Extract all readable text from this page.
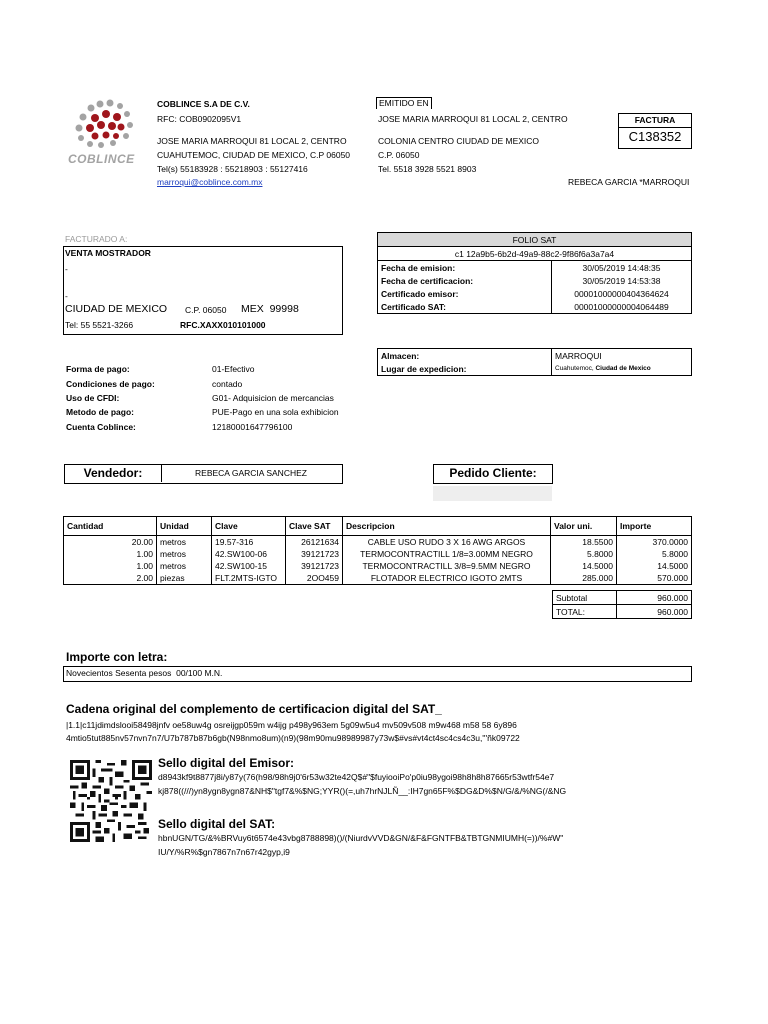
COBLINCE
COBLINCE S.A DE C.V.
RFC: COB0902095V1
JOSE MARIA MARROQUI 81 LOCAL 2, CENTRO
CUAHUTEMOC, CIUDAD DE MEXICO, C.P 06050
Tel(s) 55183928 : 55218903 : 55127416
marroqui@coblince.com.mx
EMITIDO EN
JOSE MARIA MARROQUI 81 LOCAL 2, CENTRO
COLONIA CENTRO CIUDAD DE MEXICO
C.P. 06050
Tel. 5518 3928 5521 8903
FACTURA
C138352
REBECA GARCIA *MARROQUI
FACTURADO A:
VENTA MOSTRADOR
-
-
CIUDAD DE MEXICO C.P. 06050 MEX  99998
Tel: 55 5521-3266	RFC.XAXX010101000
FOLIO SAT	
c1 12a9b5-6b2d-49a9-88c2-9f86f6a3a7a4	
Fecha de emision:	30/05/2019 14:48:35
Fecha de certificacion:	30/05/2019 14:53:38
Certificado emisor:	00001000000404364624
Certificado SAT:	00001000000004064489
Almacen:	MARROQUI
Lugar de expedicion:	Cuahutemoc, Ciudad de Mexico
Forma de pago:	01-Efectivo
Condiciones de pago:	contado
Uso de CFDI:	G01- Adquisicion de mercancias
Metodo de pago:	PUE-Pago en una sola exhibicion
Cuenta Coblince:	12180001647796100
Vendedor:	REBECA GARCIA SANCHEZ	Pedido Cliente:
Cantidad	Unidad	Clave	Clave SAT	Descripcion	Valor uni.	Importe
20.00	metros	19.57-316	26121634	CABLE USO RUDO 3 X 16 AWG ARGOS	18.5500	370.0000
1.00	metros	42.SW100-06	39121723	TERMOCONTRACTILL 1/8=3.00MM NEGRO	5.8000	5.8000
1.00	metros	42.SW100-15	39121723	TERMOCONTRACTILL 3/8=9.5MM NEGRO	14.5000	14.5000
2.00	piezas	FLT.2MTS-IGTO	2OO459	FLOTADOR ELECTRICO IGOTO 2MTS	285.000	570.000
Subtotal	960.000
TOTAL:	960.000
Importe con letra:
Novecientos Sesenta pesos  00/100 M.N.
Cadena original del complemento de certificacion digital del SAT_
|1.1|c11jdimdslooi58498jnfv oe58uw4g osreijgp059m w4ijg p498y963em 5g09w5u4 mv509v508 m9w468 m58 58 6y896
4mtio5tut885nv57nvn7n7/U7b787b87b6gb(N98nmo8um)(n9)(98m90mu98989987y73w$#vs#vt4ct4sc4cs4c3u,'''ñk09722
Sello digital del Emisor:
d8943kf9t8877j8i/y87y(76(h98/98h9j0'6r53w32te42Q$#"$fuyiooiPo'p0iu98ygoi98h8h8h87665r53wtfr54e7
kj878((///)yn8ygn8ygn87&NH$"tgf7&%$NG;YYR()(=,uh7hrNJLÑ__:IH7gn65F%$DG&D%$N/G/&/%NG(/&NG
Sello digital del SAT:
hbnUGN/TG/&%BRVuy6t6574e43vbg8788898)()/(NiurdvVVD&GN/&F&FGNTFB&TBTGNMIUMH(=))/%#W"
IU/Y/%R%$gn7867n7n67r42gyp,i9
